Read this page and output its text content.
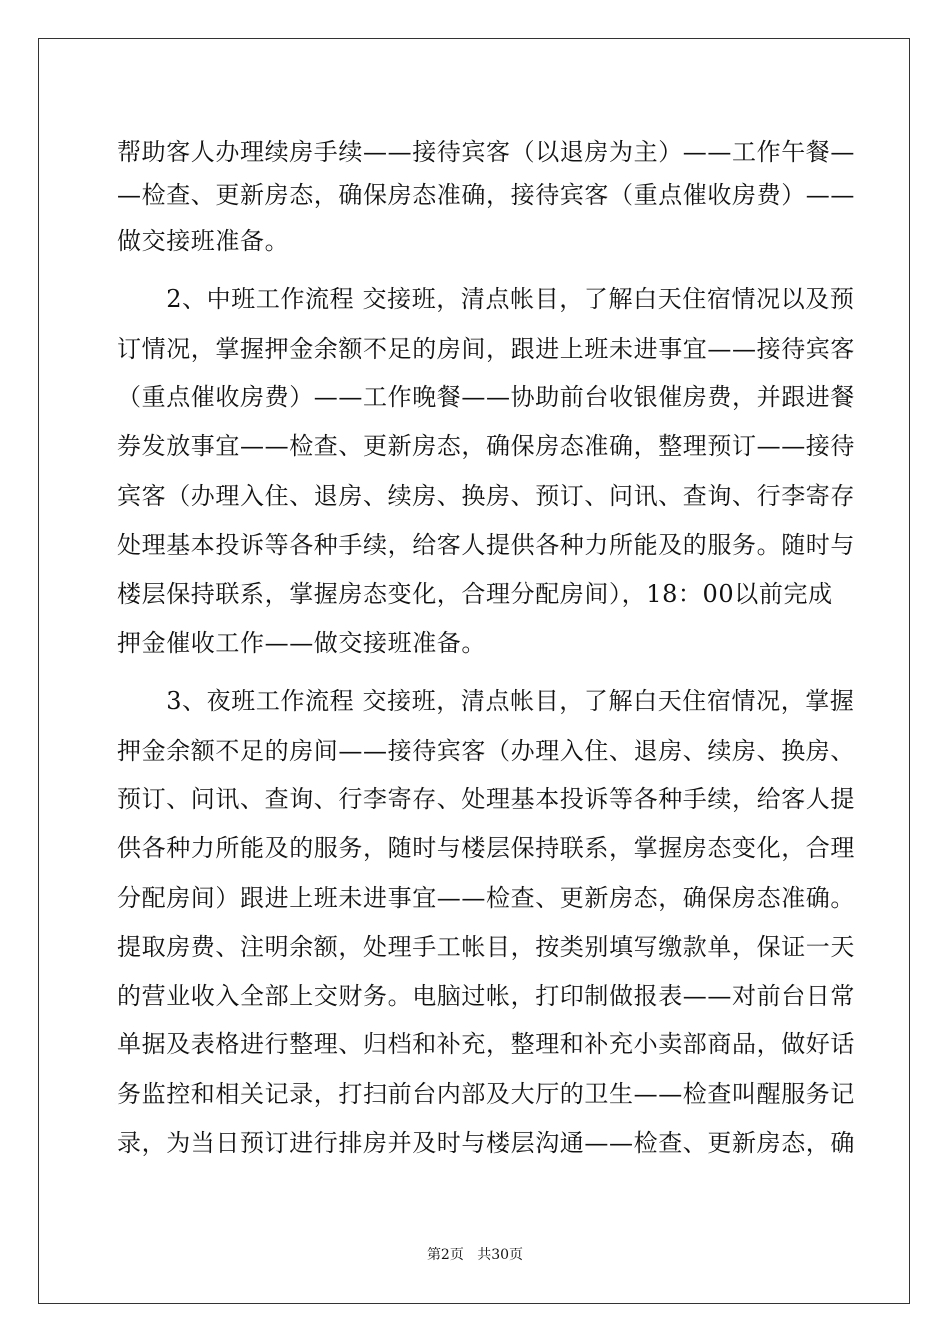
帮助客人办理续房手续——接待宾客（以退房为主）——工作午餐—
—检查、更新房态，确保房态准确，接待宾客（重点催收房费）——
做交接班准备。
　　2、中班工作流程 交接班，清点帐目，了解白天住宿情况以及预
订情况，掌握押金余额不足的房间，跟进上班未进事宜——接待宾客
（重点催收房费）——工作晚餐——协助前台收银催房费，并跟进餐
券发放事宜——检查、更新房态，确保房态准确，整理预订——接待
宾客（办理入住、退房、续房、换房、预订、问讯、查询、行李寄存
处理基本投诉等各种手续，给客人提供各种力所能及的服务。随时与
楼层保持联系，掌握房态变化，合理分配房间），18：00以前完成
押金催收工作——做交接班准备。
　　3、夜班工作流程 交接班，清点帐目，了解白天住宿情况，掌握
押金余额不足的房间——接待宾客（办理入住、退房、续房、换房、
预订、问讯、查询、行李寄存、处理基本投诉等各种手续，给客人提
供各种力所能及的服务，随时与楼层保持联系，掌握房态变化，合理
分配房间）跟进上班未进事宜——检查、更新房态，确保房态准确。
提取房费、注明余额，处理手工帐目，按类别填写缴款单，保证一天
的营业收入全部上交财务。电脑过帐，打印制做报表——对前台日常
单据及表格进行整理、归档和补充，整理和补充小卖部商品，做好话
务监控和相关记录，打扫前台内部及大厅的卫生——检查叫醒服务记
录，为当日预订进行排房并及时与楼层沟通——检查、更新房态，确
第2页 共30页
